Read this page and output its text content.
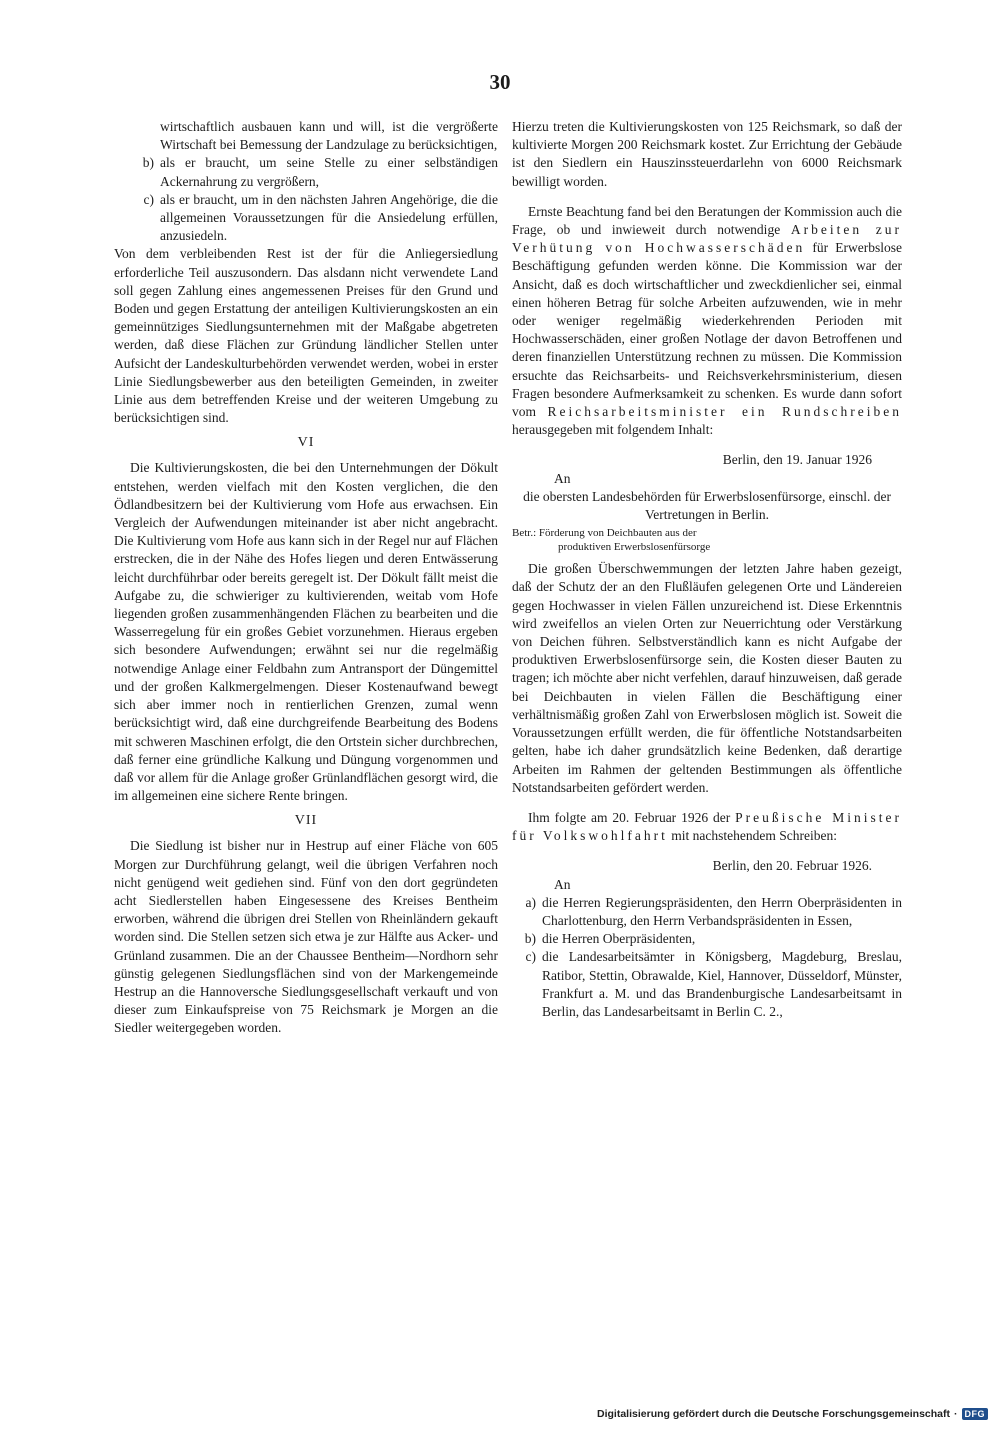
30

wirtschaftlich ausbauen kann und will, ist die vergrößerte Wirtschaft bei Bemessung der Landzulage zu berücksichtigen,

b) als er braucht, um seine Stelle zu einer selbständigen Ackernahrung zu vergrößern,
c) als er braucht, um in den nächsten Jahren Angehörige, die die allgemeinen Voraussetzungen für die Ansiedelung erfüllen, anzusiedeln.

Von dem verbleibenden Rest ist der für die Anliegersiedlung erforderliche Teil auszusondern. Das alsdann nicht verwendete Land soll gegen Zahlung eines angemessenen Preises für den Grund und Boden und gegen Erstattung der anteiligen Kultivierungskosten an ein gemeinnütziges Siedlungsunternehmen mit der Maßgabe abgetreten werden, daß diese Flächen zur Gründung ländlicher Stellen unter Aufsicht der Landeskulturbehörden verwendet werden, wobei in erster Linie Siedlungsbewerber aus den beteiligten Gemeinden, in zweiter Linie aus dem betreffenden Kreise und der weiteren Umgebung zu berücksichtigen sind.

VI

Die Kultivierungskosten, die bei den Unternehmungen der Dökult entstehen, werden vielfach mit den Kosten verglichen, die den Ödlandbesitzern bei der Kultivierung vom Hofe aus erwachsen. Ein Vergleich der Aufwendungen miteinander ist aber nicht angebracht. Die Kultivierung vom Hofe aus kann sich in der Regel nur auf Flächen erstrecken, die in der Nähe des Hofes liegen und deren Entwässerung leicht durchführbar oder bereits geregelt ist. Der Dökult fällt meist die Aufgabe zu, die schwieriger zu kultivierenden, weitab vom Hofe liegenden großen zusammenhängenden Flächen zu bearbeiten und die Wasserregelung für ein großes Gebiet vorzunehmen. Hieraus ergeben sich besondere Aufwendungen; erwähnt sei nur die regelmäßig notwendige Anlage einer Feldbahn zum Antransport der Düngemittel und der großen Kalkmergelmengen. Dieser Kostenaufwand bewegt sich aber immer noch in rentierlichen Grenzen, zumal wenn berücksichtigt wird, daß eine durchgreifende Bearbeitung des Bodens mit schweren Maschinen erfolgt, die den Ortstein sicher durchbrechen, daß ferner eine gründliche Kalkung und Düngung vorgenommen und daß vor allem für die Anlage großer Grünlandflächen gesorgt wird, die im allgemeinen eine sichere Rente bringen.

VII

Die Siedlung ist bisher nur in Hestrup auf einer Fläche von 605 Morgen zur Durchführung gelangt, weil die übrigen Verfahren noch nicht genügend weit gediehen sind. Fünf von den dort gegründeten acht Siedlerstellen haben Eingesessene des Kreises Bentheim erworben, während die übrigen drei Stellen von Rheinländern gekauft worden sind. Die Stellen setzen sich etwa je zur Hälfte aus Acker- und Grünland zusammen. Die an der Chaussee Bentheim—Nordhorn sehr günstig gelegenen Siedlungsflächen sind von der Markengemeinde Hestrup an die Hannoversche Siedlungsgesellschaft verkauft und von dieser zum Einkaufspreise von 75 Reichsmark je Morgen an die Siedler weitergegeben worden.

Hierzu treten die Kultivierungskosten von 125 Reichsmark, so daß der kultivierte Morgen 200 Reichsmark kostet. Zur Errichtung der Gebäude ist den Siedlern ein Hauszinssteuerdarlehn von 6000 Reichsmark bewilligt worden.

Ernste Beachtung fand bei den Beratungen der Kommission auch die Frage, ob und inwieweit durch notwendige Arbeiten zur Verhütung von Hochwasserschäden für Erwerbslose Beschäftigung gefunden werden könne. Die Kommission war der Ansicht, daß es doch wirtschaftlicher und zweckdienlicher sei, einmal einen höheren Betrag für solche Arbeiten aufzuwenden, wie in mehr oder weniger regelmäßig wiederkehrenden Perioden mit Hochwasserschäden, einer großen Notlage der davon Betroffenen und deren finanziellen Unterstützung rechnen zu müssen. Die Kommission ersuchte das Reichsarbeits- und Reichsverkehrsministerium, diesen Fragen besondere Aufmerksamkeit zu schenken. Es wurde dann sofort vom Reichsarbeitsminister ein Rundschreiben herausgegeben mit folgendem Inhalt:

Berlin, den 19. Januar 1926

An

die obersten Landesbehörden für Erwerbslosenfürsorge, einschl. der Vertretungen in Berlin.

Betr.: Förderung von Deichbauten aus der
produktiven Erwerbslosenfürsorge

Die großen Überschwemmungen der letzten Jahre haben gezeigt, daß der Schutz der an den Flußläufen gelegenen Orte und Ländereien gegen Hochwasser in vielen Fällen unzureichend ist. Diese Erkenntnis wird zweifellos an vielen Orten zur Neuerrichtung oder Verstärkung von Deichen führen. Selbstverständlich kann es nicht Aufgabe der produktiven Erwerbslosenfürsorge sein, die Kosten dieser Bauten zu tragen; ich möchte aber nicht verfehlen, darauf hinzuweisen, daß gerade bei Deichbauten in vielen Fällen die Beschäftigung einer verhältnismäßig großen Zahl von Erwerbslosen möglich ist. Soweit die Voraussetzungen erfüllt werden, die für öffentliche Notstandsarbeiten gelten, habe ich daher grundsätzlich keine Bedenken, daß derartige Arbeiten im Rahmen der geltenden Bestimmungen als öffentliche Notstandsarbeiten gefördert werden.

Ihm folgte am 20. Februar 1926 der Preußische Minister für Volkswohlfahrt mit nachstehendem Schreiben:

Berlin, den 20. Februar 1926.

An

a) die Herren Regierungspräsidenten, den Herrn Oberpräsidenten in Charlottenburg, den Herrn Verbandspräsidenten in Essen,
b) die Herren Oberpräsidenten,
c) die Landesarbeitsämter in Königsberg, Magdeburg, Breslau, Ratibor, Stettin, Obrawalde, Kiel, Hannover, Düsseldorf, Münster, Frankfurt a. M. und das Brandenburgische Landesarbeitsamt in Berlin, das Landesarbeitsamt in Berlin C. 2.,
Digitalisierung gefördert durch die Deutsche Forschungsgemeinschaft · DFG
